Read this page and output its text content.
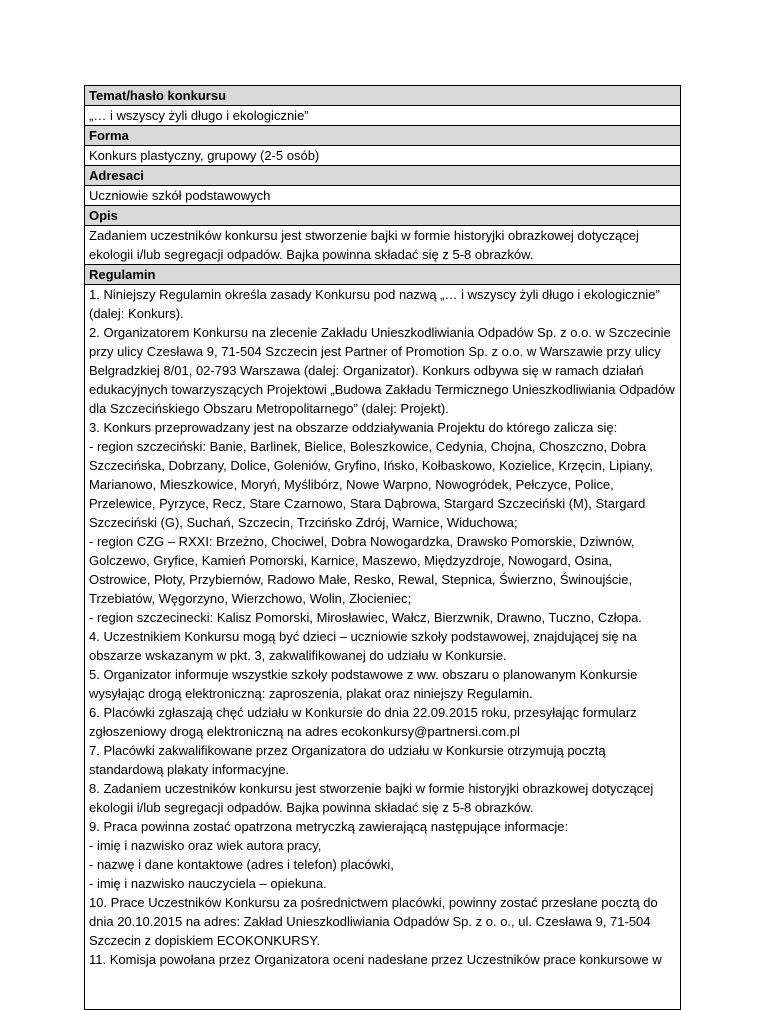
Temat/hasło konkursu
„… i wszyscy żyli długo i ekologicznie”
Forma
Konkurs plastyczny, grupowy (2-5 osób)
Adresaci
Uczniowie szkół podstawowych
Opis
Zadaniem uczestników konkursu jest stworzenie bajki w formie historyjki obrazkowej dotyczącej ekologii i/lub segregacji odpadów. Bajka powinna składać się z 5-8 obrazków.
Regulamin

1. Niniejszy Regulamin określa zasady Konkursu pod nazwą „… i wszyscy żyli długo i ekologicznie” (dalej: Konkurs).

2. Organizatorem Konkursu na zlecenie Zakładu Unieszkodliwiania Odpadów Sp. z o.o. w Szczecinie przy ulicy Czesława 9, 71-504 Szczecin jest Partner of Promotion Sp. z o.o. w Warszawie przy ulicy Belgradzkiej 8/01, 02-793 Warszawa (dalej: Organizator). Konkurs odbywa się w ramach działań edukacyjnych towarzyszących Projektowi „Budowa Zakładu Termicznego Unieszkodliwiania Odpadów dla Szczecińskiego Obszaru Metropolitarnego” (dalej: Projekt).

3. Konkurs przeprowadzany jest na obszarze oddziaływania Projektu do którego zalicza się:

- region szczeciński: Banie, Barlinek, Bielice, Boleszkowice, Cedynia, Chojna, Choszczno, Dobra Szczecińska, Dobrzany, Dolice, Goleniów, Gryfino, Ińsko, Kołbaskowo, Kozielice, Krzęcin, Lipiany, Marianowo, Mieszkowice, Moryń, Myślibórz, Nowe Warpno, Nowogródek, Pełczyce, Police, Przelewice, Pyrzyce, Recz, Stare Czarnowo, Stara Dąbrowa, Stargard Szczeciński (M), Stargard Szczeciński (G), Suchań, Szczecin, Trzcińsko Zdrój, Warnice, Widuchowa;

- region CZG – RXXI: Brzeżno, Chociwel, Dobra Nowogardzka, Drawsko Pomorskie, Dziwnów, Golczewo, Gryfice, Kamień Pomorski, Karnice, Maszewo, Międzyzdroje, Nowogard, Osina, Ostrowice, Płoty, Przybiernów, Radowo Małe, Resko, Rewal, Stepnica, Świerzno, Świnoujście, Trzebiatów, Węgorzyno, Wierzchowo, Wolin, Złocieniec;

- region szczecinecki: Kalisz Pomorski, Mirosławiec, Wałcz, Bierzwnik, Drawno, Tuczno, Człopa.

4. Uczestnikiem Konkursu mogą być dzieci – uczniowie szkoły podstawowej, znajdującej się na obszarze wskazanym w pkt. 3, zakwalifikowanej do udziału w Konkursie.

5. Organizator informuje wszystkie szkoły podstawowe z ww. obszaru o planowanym Konkursie wysyłając drogą elektroniczną: zaproszenia, plakat oraz niniejszy Regulamin.

6. Placówki zgłaszają chęć udziału w Konkursie do dnia 22.09.2015 roku, przesyłając formularz zgłoszeniowy drogą elektroniczną na adres ecokonkursy@partnersi.com.pl

7. Placówki zakwalifikowane przez Organizatora do udziału w Konkursie otrzymują pocztą standardową plakaty informacyjne.

8. Zadaniem uczestników konkursu jest stworzenie bajki w formie historyjki obrazkowej dotyczącej ekologii i/lub segregacji odpadów. Bajka powinna składać się z 5-8 obrazków.

9. Praca powinna zostać opatrzona metryczką zawierającą następujące informacje:

- imię i nazwisko oraz wiek autora pracy,

- nazwę i dane kontaktowe (adres i telefon) placówki,

- imię i nazwisko nauczyciela – opiekuna.

10. Prace Uczestników Konkursu za pośrednictwem placówki, powinny zostać przesłane pocztą do dnia 20.10.2015 na adres: Zakład Unieszkodliwiania Odpadów Sp. z o. o., ul. Czesława 9, 71-504 Szczecin z dopiskiem ECOKONKURSY.

11. Komisja powołana przez Organizatora oceni nadesłane przez Uczestników prace konkursowe w
